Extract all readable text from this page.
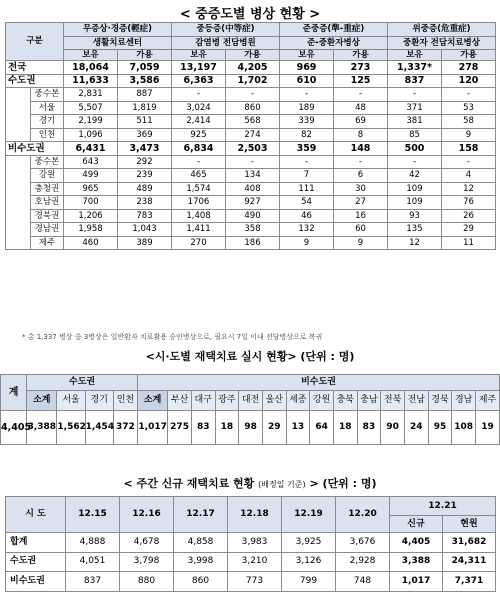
< 중증도별 병상 현황 >
구분		무증상·경증(輕症)		중등증(中等症)		준중증(準-重症)		위중증(危重症)	
		생활치료센터		감염병 전담병원		준-중환자병상		중환자 전담치료병상	
		보유	가용	보유	가용	보유	가용	보유	가용
전국		18,064	7,059	13,197	4,205	969	273	1,337*	278
수도권		11,633	3,586	6,363	1,702	610	125	837	120
	중수본	2,831	887	-	-	-	-	-	-
	서울	5,507	1,819	3,024	860	189	48	371	53
	경기	2,199	511	2,414	568	339	69	381	58
	인천	1,096	369	925	274	82	8	85	9
비수도권		6,431	3,473	6,834	2,503	359	148	500	158
	중수본	643	292	-	-	-	-	-	-
	강원	499	239	465	134	7	6	42	4
	충청권	965	489	1,574	408	111	30	109	12
	호남권	700	238	1706	927	54	27	109	76
	경북권	1,206	783	1,408	490	46	16	93	26
	경남권	1,958	1,043	1,411	358	132	60	135	29
	제주	460	389	270	186	9	9	12	11
* 총 1,337 병상 중 3병상은 일반환자 치료활용 승인병상으로, 필요시 7일 이내 전담병상으로 복귀
<시·도별 재택치료 실시 현황> (단위 : 명)
계	수도권				비수도권														
	소계	서울	경기	인천	소계	부산	대구	광주	대전	울산	세종	강원	충북	충남	전북	전남	경북	경남	제주
4,405	3,388	1,562	1,454	372	1,017	275	83	18	98	29	13	64	18	83	90	24	95	108	19
< 주간 신규 재택치료 현황 (배정일 기준) > (단위 : 명)
시 도	12.15	12.16	12.17	12.18	12.19	12.20	12.21	
							신규	현원
합계	4,888	4,678	4,858	3,983	3,925	3,676	4,405	31,682
수도권	4,051	3,798	3,998	3,210	3,126	2,928	3,388	24,311
비수도권	837	880	860	773	799	748	1,017	7,371
